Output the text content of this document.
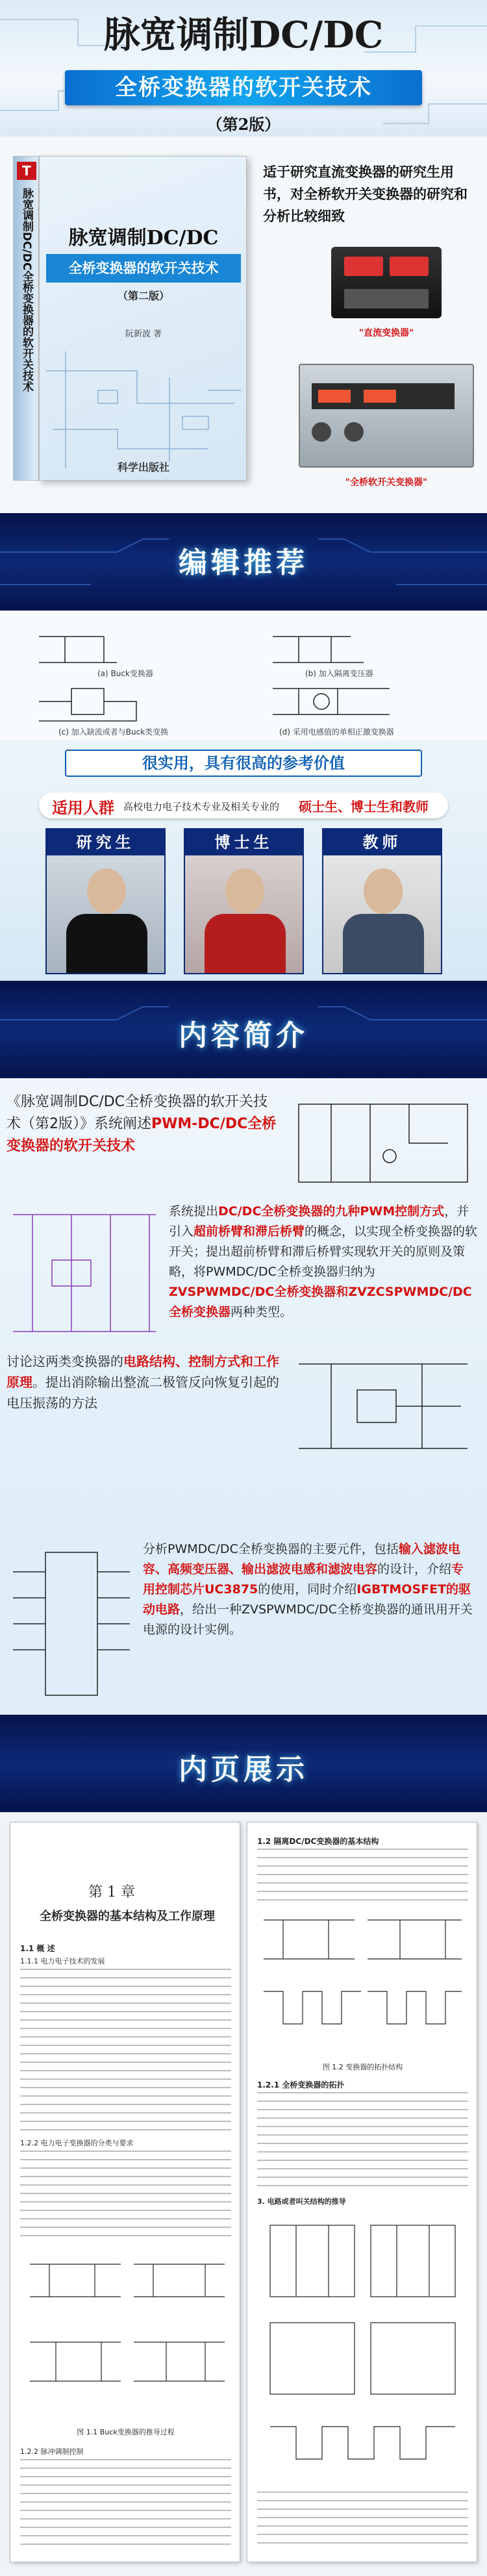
脉宽调制DC/DC
全桥变换器的软开关技术
（第2版）
T
脉宽调制DC/DC全桥变换器的软开关技术	脉宽调制DC/DC
全桥变换器的软开关技术
（第二版）
阮新波 著
科学出版社
适于研究直流变换器的研究生用书，对全桥软开关变换器的研究和分析比较细致
"直流变换器"
"全桥软开关变换器"
编辑推荐
(a) Buck变换器	(b) 加入隔离变压器
(c) 加入缺流或者与Buck类变换	(d) 采用电感值的单相正激变换器
很实用，具有很高的参考价值
适用人群 高校电力电子技术专业及相关专业的 硕士生、博士生和教师
研究生	博士生	教师
内容简介
《脉宽调制DC/DC全桥变换器的软开关技术（第2版）》系统阐述PWM-DC/DC全桥变换器的软开关技术
系统提出DC/DC全桥变换器的九种PWM控制方式，并引入超前桥臂和滞后桥臂的概念，以实现全桥变换器的软开关；提出超前桥臂和滞后桥臂实现软开关的原则及策略，将PWMDC/DC全桥变换器归纳为ZVSPWMDC/DC全桥变换器和ZVZCSPWMDC/DC全桥变换器两种类型。
讨论这两类变换器的电路结构、控制方式和工作原理。提出消除输出整流二极管反向恢复引起的电压振荡的方法
分析PWMDC/DC全桥变换器的主要元件，包括输入滤波电容、高频变压器、输出滤波电感和滤波电容的设计，介绍专用控制芯片UC3875的使用，同时介绍IGBTMOSFET的驱动电路，给出一种ZVSPWMDC/DC全桥变换器的通讯用开关电源的设计实例。
内页展示
第 1 章
全桥变换器的基本结构及工作原理
1.1 概 述
1.1.1 电力电子技术的发展
1.2.2 电力电子变换器的分类与要求
图 1.1 Buck变换器的推导过程
1.2.2 脉冲调制控制
1.2 隔离DC/DC变换器的基本结构
图 1.2 变换器的拓扑结构
1.2.1 全桥变换器的拓扑
3. 电路或者叫关结构的推导
